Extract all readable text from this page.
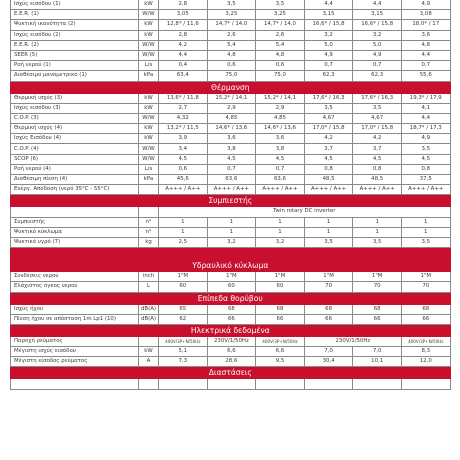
Ισχύς εισόδου (1)	kW	2,8	3,5	3,5	4,4	4,4	4,9
E.E.R. (1)	W/W	3,05	3,25	3,25	3,15	3,15	3,08
Ψυκτική ικανότητα (2)	kW	12,8* / 11,6	14,7* / 14,0	14,7* / 14,0	16,6* / 15,8	16,6* / 15,8	18,0* / 17
Ισχύς εισόδου (2)	kW	2,8	2,6	2,6	3,2	3,2	3,6
E.E.R. (2)	W/W	4,2	5,4	5,4	5,0	5,0	4,8
SEER (5)	W/W	4,4	4,8	4,8	4,9	4,9	4,4
Ροή νερού (1)	L/s	0,4	0,6	0,6	0,7	0,7	0,7
Διαθέσιμο μανομετρικό (1)	kPa	63,4	75,0	75,0	62,3	62,3	55,6
Θέρμανση							
Θερμική ισχύς (3)	kW	13,6* / 11,8	15,2* / 14,1	15,2* / 14,1	17,6* / 16,3	17,6* / 16,3	19,3* / 17,9
Ισχύς εισόδου (3)	kW	2,7	2,9	2,9	3,5	3,5	4,1
C.O.P. (3)	W/W	4,32	4,85	4,85	4,67	4,67	4,4
Θερμική ισχύς (4)	kW	13,2* / 11,5	14,6* / 13,6	14,6* / 13,6	17,0* / 15,8	17,0* / 15,8	18,7* / 17,3
Ισχύς Εισόδου (4)	kW	3,9	3,6	3,6	4,2	4,2	4,9
C.O.P. (4)	W/W	3,4	3,8	3,8	3,7	3,7	3,5
SCOP (6)	W/W	4,5	4,5	4,5	4,5	4,5	4,5
Ροή νερού (4)	L/s	0,6	0,7	0,7	0,8	0,8	0,8
Διαθέσιμη πίεση (4)	kPa	45,6	63,6	63,6	48,5	48,5	37,5
Ενέργ. Απόδοση (νερό 35°C - 55°C)		A+++ / A++	A+++ / A++	A+++ / A++	A+++ / A++	A+++ / A++	A+++ / A++
Συμπιεστής							
		Twin rotary DC inverter					
Συμπιεστής	n°	1	1	1	1	1	1
Ψυκτικό κύκλωμα	n°	1	1	1	1	1	1
Ψυκτικό υγρό (7)	kg	2,5	3,2	3,2	3,5	3,5	3,5

Υδραυλικό κύκλωμα							
Συνδέσεις νερού	inch	1"M	1"M	1"M	1"M	1"M	1"M
Ελάχιστος όγκος νερού	L	60	60	60	70	70	70
Επίπεδα θορύβου							
Ισχύς ήχου	dB(A)	65	68	68	68	68	68
Πίεση ήχου σε απόσταση 1m Lp1 (10)	dB(A)	62	66	66	66	66	66
Ηλεκτρικά δεδομένα							
Παροχή ρεύματος		400V/3P+N/50Hz	230V/1/50Hz	400V/3P+N/50Hz	230V/1/50Hz		400V/3P+N/50Hz
Μέγιστη ισχύς εισόδου	kW	5,1	6,6	6,6	7,0	7,0	8,3
Μέγιστη είσοδος ρεύματος	A	7,3	28,6	9,5	30,4	10,1	12,0
Διαστάσεις							
